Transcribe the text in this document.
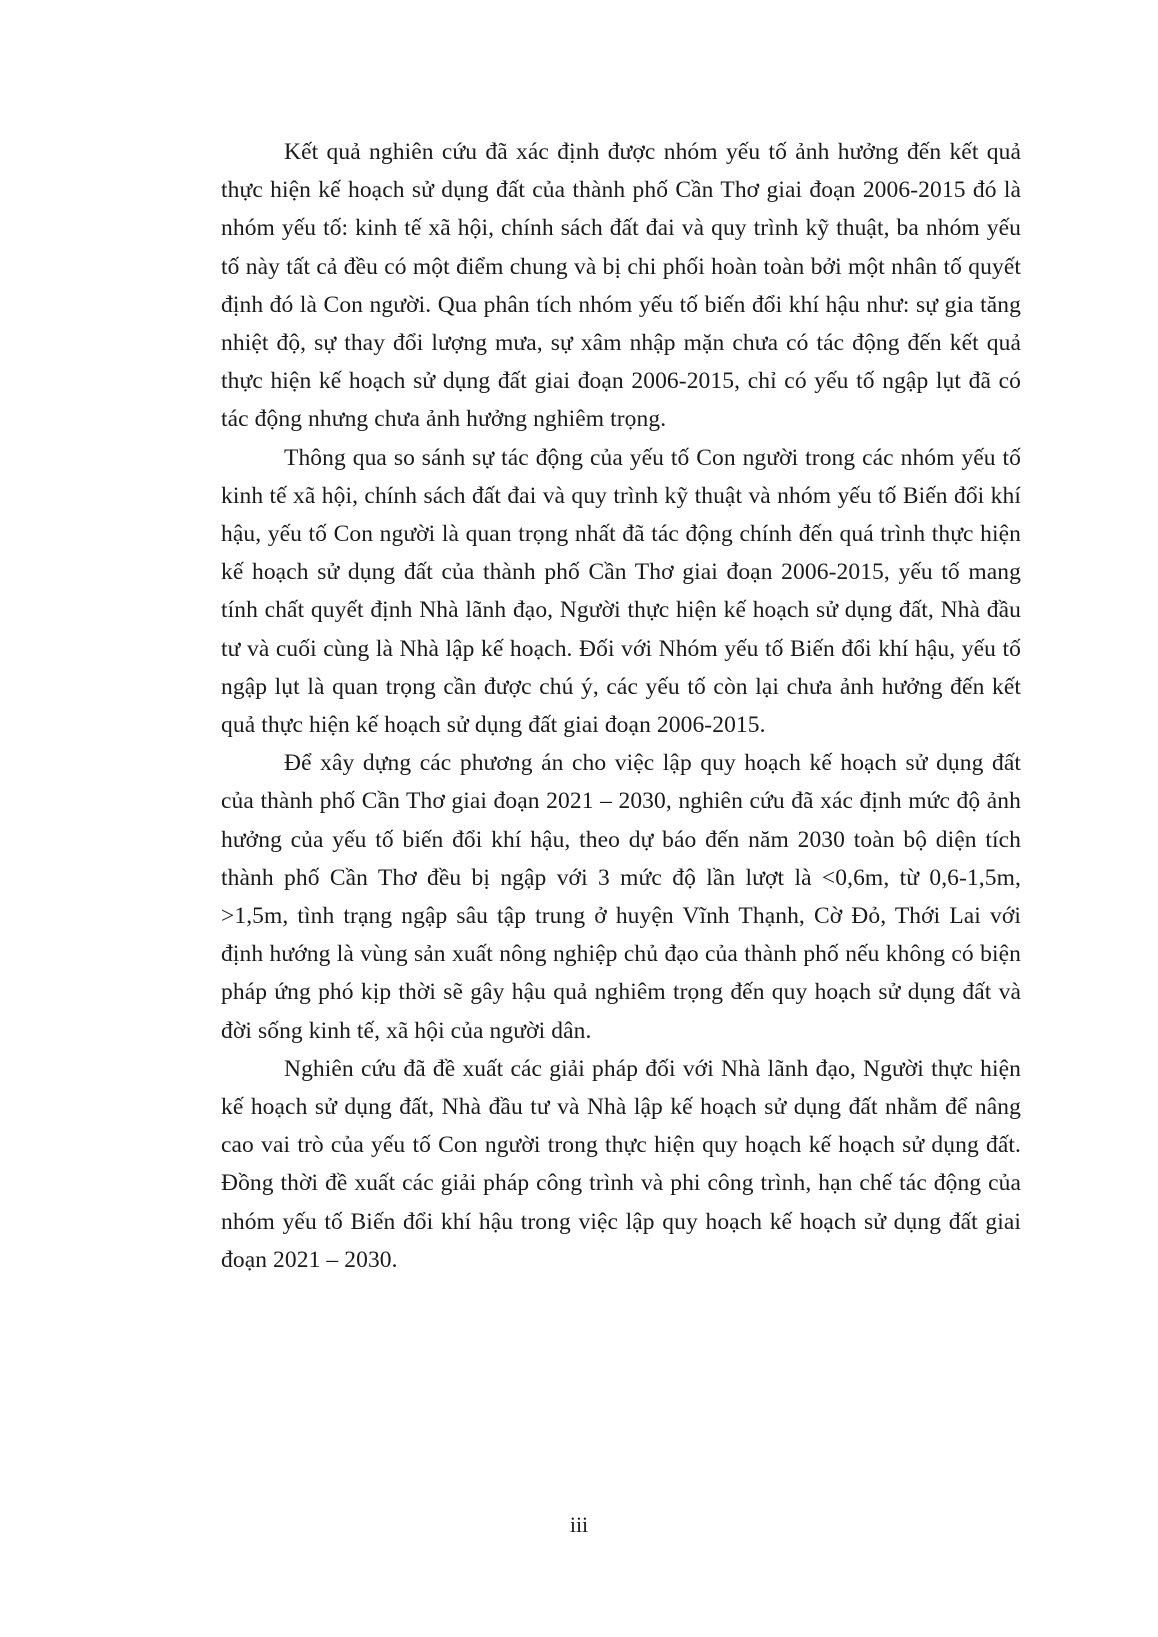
Kết quả nghiên cứu đã xác định được nhóm yếu tố ảnh hưởng đến kết quả thực hiện kế hoạch sử dụng đất của thành phố Cần Thơ giai đoạn 2006-2015 đó là nhóm yếu tố: kinh tế xã hội, chính sách đất đai và quy trình kỹ thuật, ba nhóm yếu tố này tất cả đều có một điểm chung và bị chi phối hoàn toàn bởi một nhân tố quyết định đó là Con người. Qua phân tích nhóm yếu tố biến đổi khí hậu như: sự gia tăng nhiệt độ, sự thay đổi lượng mưa, sự xâm nhập mặn chưa có tác động đến kết quả thực hiện kế hoạch sử dụng đất giai đoạn 2006-2015, chỉ có yếu tố ngập lụt đã có tác động nhưng chưa ảnh hưởng nghiêm trọng.

Thông qua so sánh sự tác động của yếu tố Con người trong các nhóm yếu tố kinh tế xã hội, chính sách đất đai và quy trình kỹ thuật và nhóm yếu tố Biến đổi khí hậu, yếu tố Con người là quan trọng nhất đã tác động chính đến quá trình thực hiện kế hoạch sử dụng đất của thành phố Cần Thơ giai đoạn 2006-2015, yếu tố mang tính chất quyết định Nhà lãnh đạo, Người thực hiện kế hoạch sử dụng đất, Nhà đầu tư và cuối cùng là Nhà lập kế hoạch. Đối với Nhóm yếu tố Biến đổi khí hậu, yếu tố ngập lụt là quan trọng cần được chú ý, các yếu tố còn lại chưa ảnh hưởng đến kết quả thực hiện kế hoạch sử dụng đất giai đoạn 2006-2015.

Để xây dựng các phương án cho việc lập quy hoạch kế hoạch sử dụng đất của thành phố Cần Thơ giai đoạn 2021 – 2030, nghiên cứu đã xác định mức độ ảnh hưởng của yếu tố biến đổi khí hậu, theo dự báo đến năm 2030 toàn bộ diện tích thành phố Cần Thơ đều bị ngập với 3 mức độ lần lượt là <0,6m, từ 0,6-1,5m, >1,5m, tình trạng ngập sâu tập trung ở huyện Vĩnh Thạnh, Cờ Đỏ, Thới Lai với định hướng là vùng sản xuất nông nghiệp chủ đạo của thành phố nếu không có biện pháp ứng phó kịp thời sẽ gây hậu quả nghiêm trọng đến quy hoạch sử dụng đất và đời sống kinh tế, xã hội của người dân.

Nghiên cứu đã đề xuất các giải pháp đối với Nhà lãnh đạo, Người thực hiện kế hoạch sử dụng đất, Nhà đầu tư và Nhà lập kế hoạch sử dụng đất nhằm để nâng cao vai trò của yếu tố Con người trong thực hiện quy hoạch kế hoạch sử dụng đất. Đồng thời đề xuất các giải pháp công trình và phi công trình, hạn chế tác động của nhóm yếu tố Biến đổi khí hậu trong việc lập quy hoạch kế hoạch sử dụng đất giai đoạn 2021 – 2030.

iii
